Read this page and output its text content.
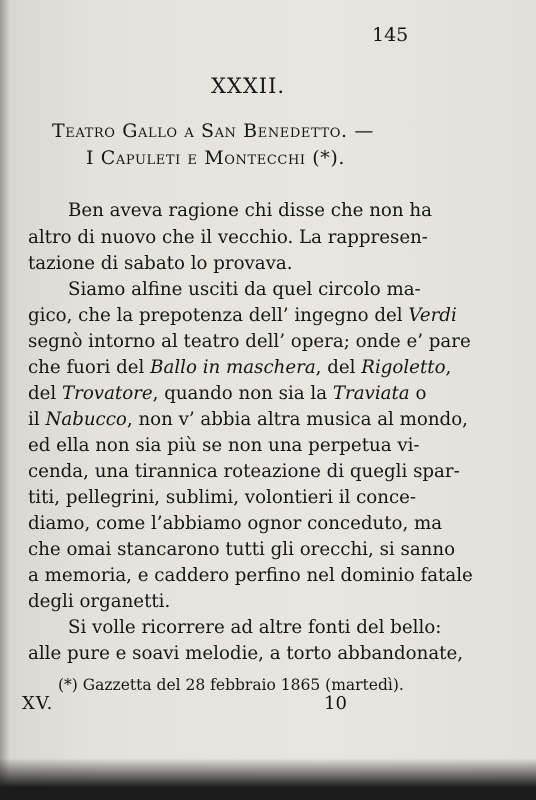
145
XXXII.
Teatro Gallo a San Benedetto. —
I Capuleti e Montecchi (*).
Ben aveva ragione chi disse che non ha
altro di nuovo che il vecchio. La rappresen-
tazione di sabato lo provava.
Siamo alfine usciti da quel circolo ma-
gico, che la prepotenza dell’ ingegno del Verdi
segnò intorno al teatro dell’ opera; onde e’ pare
che fuori del Ballo in maschera, del Rigoletto,
del Trovatore, quando non sia la Traviata o
il Nabucco, non v’ abbia altra musica al mondo,
ed ella non sia più se non una perpetua vi-
cenda, una tirannica roteazione di quegli spar-
titi, pellegrini, sublimi, volontieri il conce-
diamo, come l’abbiamo ognor conceduto, ma
che omai stancarono tutti gli orecchi, si sanno
a memoria, e caddero perfino nel dominio fatale
degli organetti.
Si volle ricorrere ad altre fonti del bello:
alle pure e soavi melodie, a torto abbandonate,
(*) Gazzetta del 28 febbraio 1865 (martedì).
XV.	10
